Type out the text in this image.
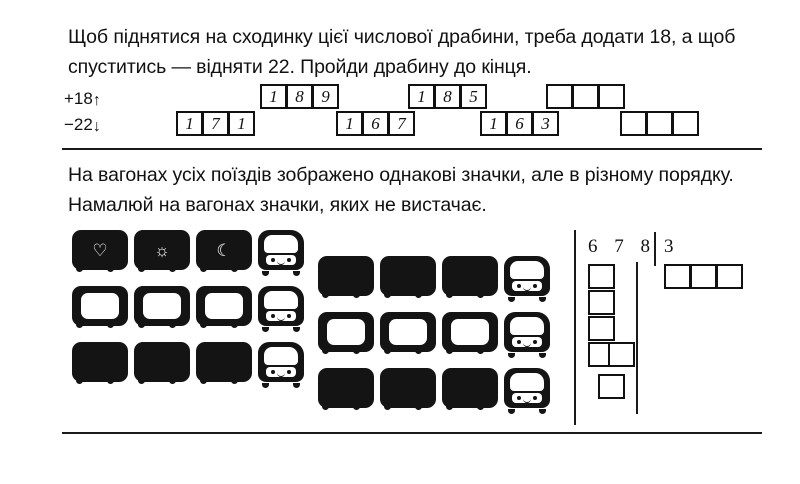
Щоб піднятися на сходинку цієї числової драбини, треба додати 18, а щоб спуститись — відняти 22. Пройди драбину до кінця.
+18↑
−22↓	1	7	1
1	8	9
1	6	7
1	8	5
1	6	3
На вагонах усіх поїздів зображено однакові значки, але в різному порядку. Намалюй на вагонах значки, яких не вистачає.
♡	☼	☾	6 7 8 3
